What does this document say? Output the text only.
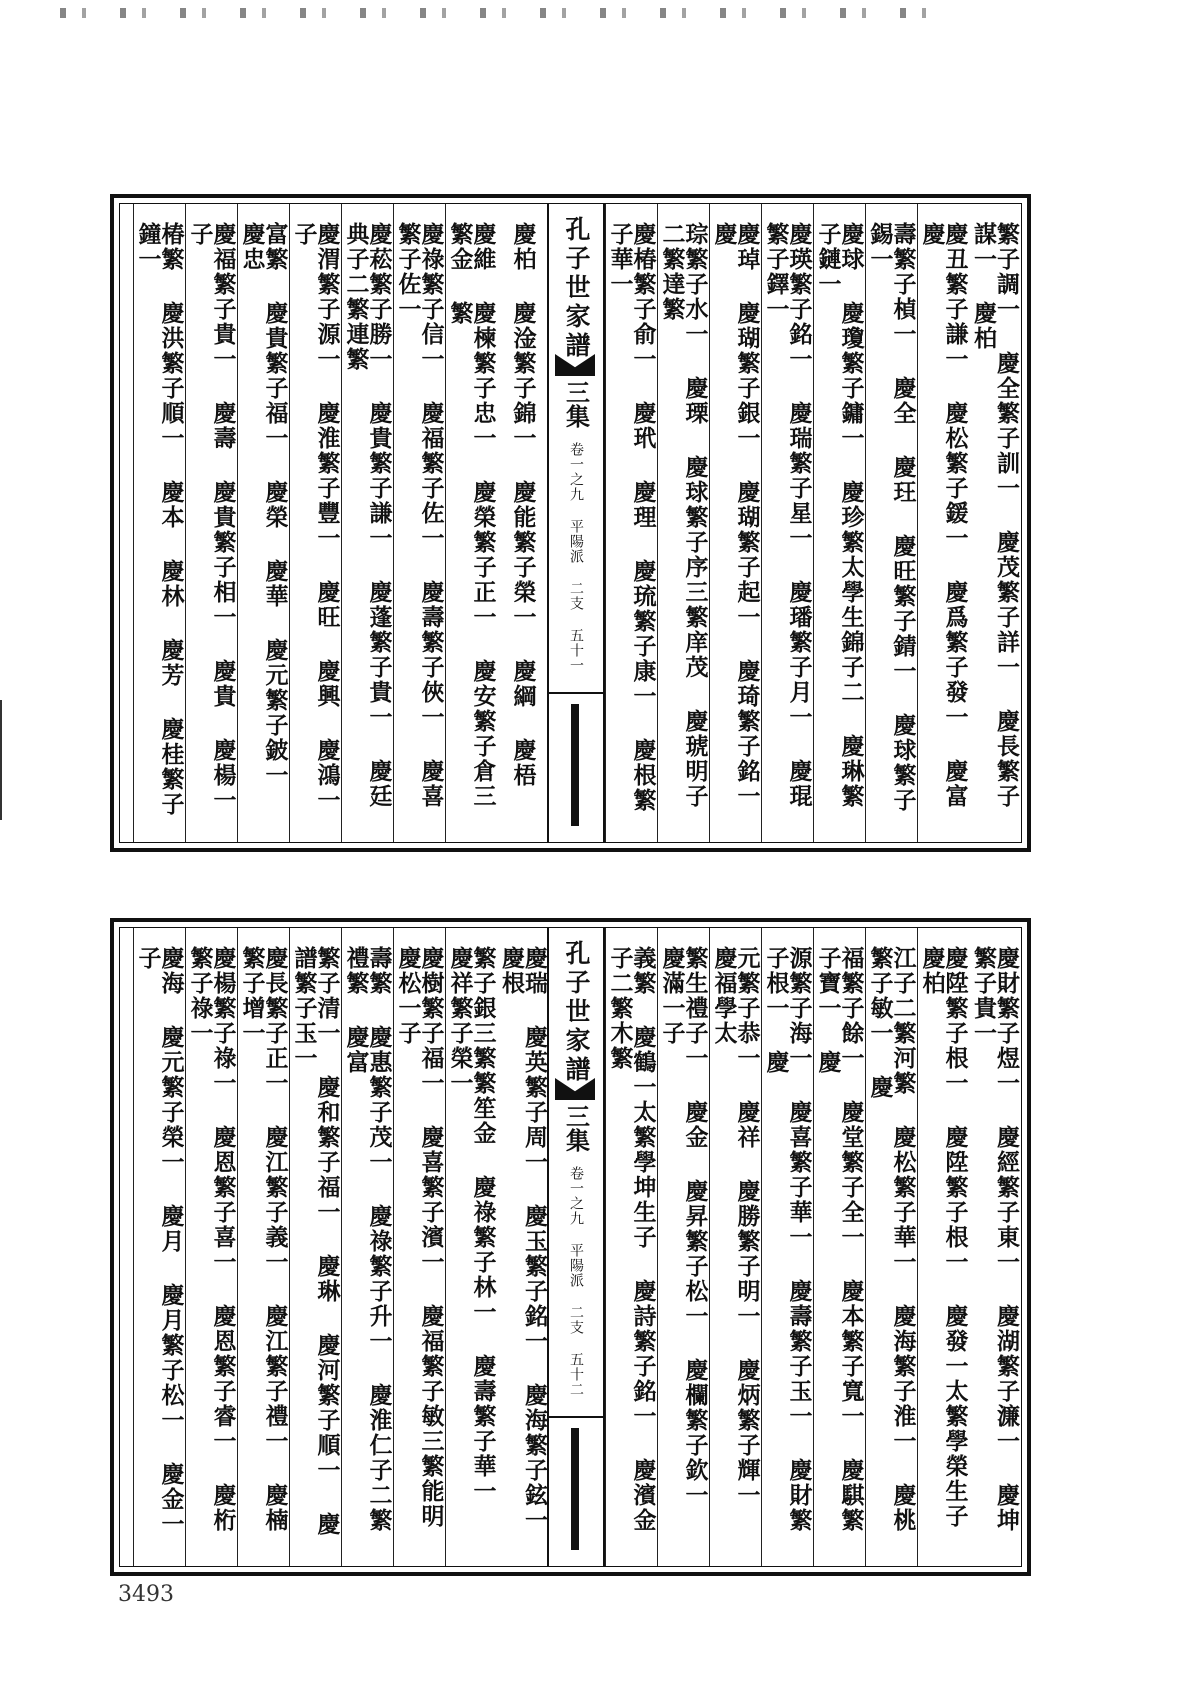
繁子調一 慶全繁子訓一 慶茂繁子詳一 慶長繁子謀一 慶柏
慶丑繁子謙一 慶松繁子鍰一 慶爲繁子發一 慶富 慶
壽繁子楨一 慶全 慶玨 慶旺繁子錆一 慶球繁子錫一
慶球 慶瓊繁子鏞一 慶珍繁太學生錦子二 慶琳繁子鏈一
慶瑛繁子銘一 慶瑞繁子星一 慶璠繁子月一 慶琨繁子鐸一
慶琸 慶瑚繁子銀一 慶瑚繁子起一 慶琦繁子銘一 慶
琮繁子水一 慶瑮 慶球繁子序三繁庠茂 慶琥明子二繁達繁
慶椿繁子俞一 慶玳 慶理 慶琉繁子康一 慶根繁子華一
孔子世家譜
三集
卷一之九 平陽派 二支 五十一
慶柏 慶淦繁子錦一 慶能繁子榮一 慶綱 慶梧
慶維 慶楝繁子忠一 慶榮繁子正一 慶安繁子倉三繁金 繁
慶祿繁子信一 慶福繁子佐一 慶壽繁子俠一 慶喜繁子佐一
慶菘繁子勝一 慶貴繁子謙一 慶蓬繁子貴一 慶廷典子二繁連繁
慶渭繁子源一 慶淮繁子豐一 慶旺 慶興 慶鴻一子
富繁 慶貴繁子福一 慶榮 慶華 慶元繁子鈹一 慶忠
慶福繁子貴一 慶壽 慶貴繁子相一 慶貴 慶楊一子
椿繁 慶洪繁子順一 慶本 慶林 慶芳 慶桂繁子鐘一
慶財繁子煜一 慶經繁子東一 慶湖繁子濂一 慶坤繁子貴一
慶陞繁子根一 慶陞繁子根一 慶發一太繁學榮生子 慶柏
江子二繁河繁 慶松繁子華一 慶海繁子淮一 慶桃繁子敏一 慶
福繁子餘一 慶堂繁子全一 慶本繁子寬一 慶騏繁子寶一 慶
源繁子海一 慶喜繁子華一 慶壽繁子玉一 慶財繁子根一 慶
元繁子恭一 慶祥 慶勝繁子明一 慶炳繁子輝一 慶福學太
繁生禮子一 慶金 慶昇繁子松一 慶欄繁子欽一 慶滿一子
義繁 慶鶴一太繁學坤生子 慶詩繁子銘一 慶濱金子二繁木繁
孔子世家譜
三集
卷一之九 平陽派 二支 五十二
慶瑞 慶英繁子周一 慶玉繁子銘一 慶海繁子鉉一 慶根
繁子銀三繁繁笙金 慶祿繁子林一 慶壽繁子華一 慶祥繁子榮一
慶樹繁子福一 慶喜繁子濱一 慶福繁子敏三繁能明 慶松一子
壽繁 慶惠繁子茂一 慶祿繁子升一 慶淮仁子二繁禮繁 慶富
繁子清一 慶和繁子福一 慶琳 慶河繁子順一 慶譜繁子玉一
慶長繁子正一 慶江繁子義一 慶江繁子禮一 慶楠繁子增一
慶楊繁子祿一 慶恩繁子喜一 慶恩繁子睿一 慶桁繁子祿一
慶海 慶元繁子榮一 慶月 慶月繁子松一 慶金一子
3493
